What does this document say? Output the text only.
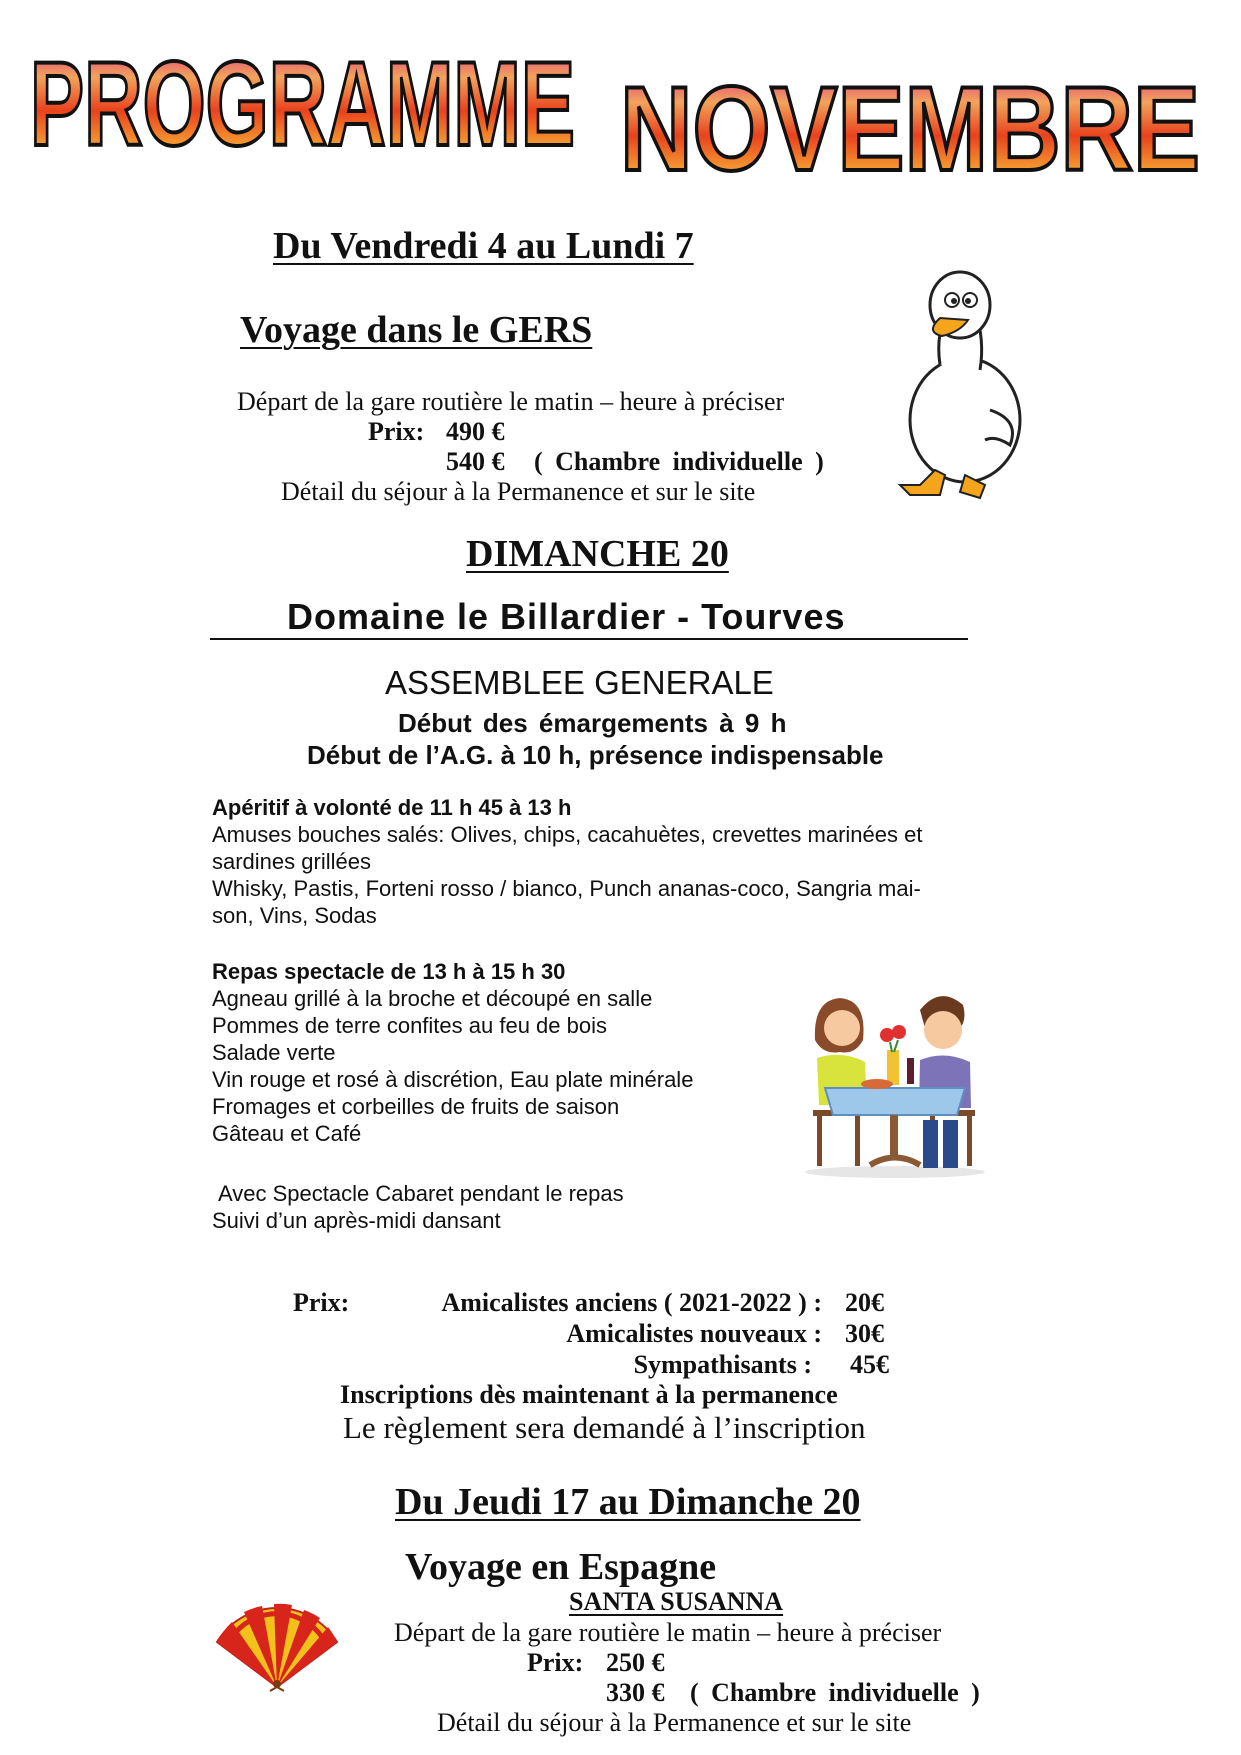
PROGRAMME NOVEMBRE
Du Vendredi 4 au Lundi 7
Voyage dans le GERS
Départ de la gare routière le matin – heure à préciser
Prix: 490 €
540 € ( Chambre individuelle )
Détail du séjour à la Permanence et sur le site
DIMANCHE 20
Domaine le Billardier - Tourves
ASSEMBLEE GENERALE
Début des émargements à 9 h
Début de l’A.G. à 10 h, présence indispensable
Apéritif à volonté de 11 h 45 à 13 h
Amuses bouches salés: Olives, chips, cacahuètes, crevettes marinées et
sardines grillées
Whisky, Pastis, Forteni rosso / bianco, Punch ananas-coco, Sangria mai-
son, Vins, Sodas
Repas spectacle de 13 h à 15 h 30
Agneau grillé à la broche et découpé en salle
Pommes de terre confites au feu de bois
Salade verte
Vin rouge et rosé à discrétion, Eau plate minérale
Fromages et corbeilles de fruits de saison
Gâteau et Café
Avec Spectacle Cabaret pendant le repas
Suivi d’un après-midi dansant
Prix:	Amicalistes anciens ( 2021-2022 ) : 20€
Amicalistes nouveaux : 30€
Sympathisants : 45€
Inscriptions dès maintenant à la permanence
Le règlement sera demandé à l’inscription
Du Jeudi 17 au Dimanche 20
Voyage en Espagne
SANTA SUSANNA
Départ de la gare routière le matin – heure à préciser
Prix: 250 €
330 € ( Chambre individuelle )
Détail du séjour à la Permanence et sur le site
